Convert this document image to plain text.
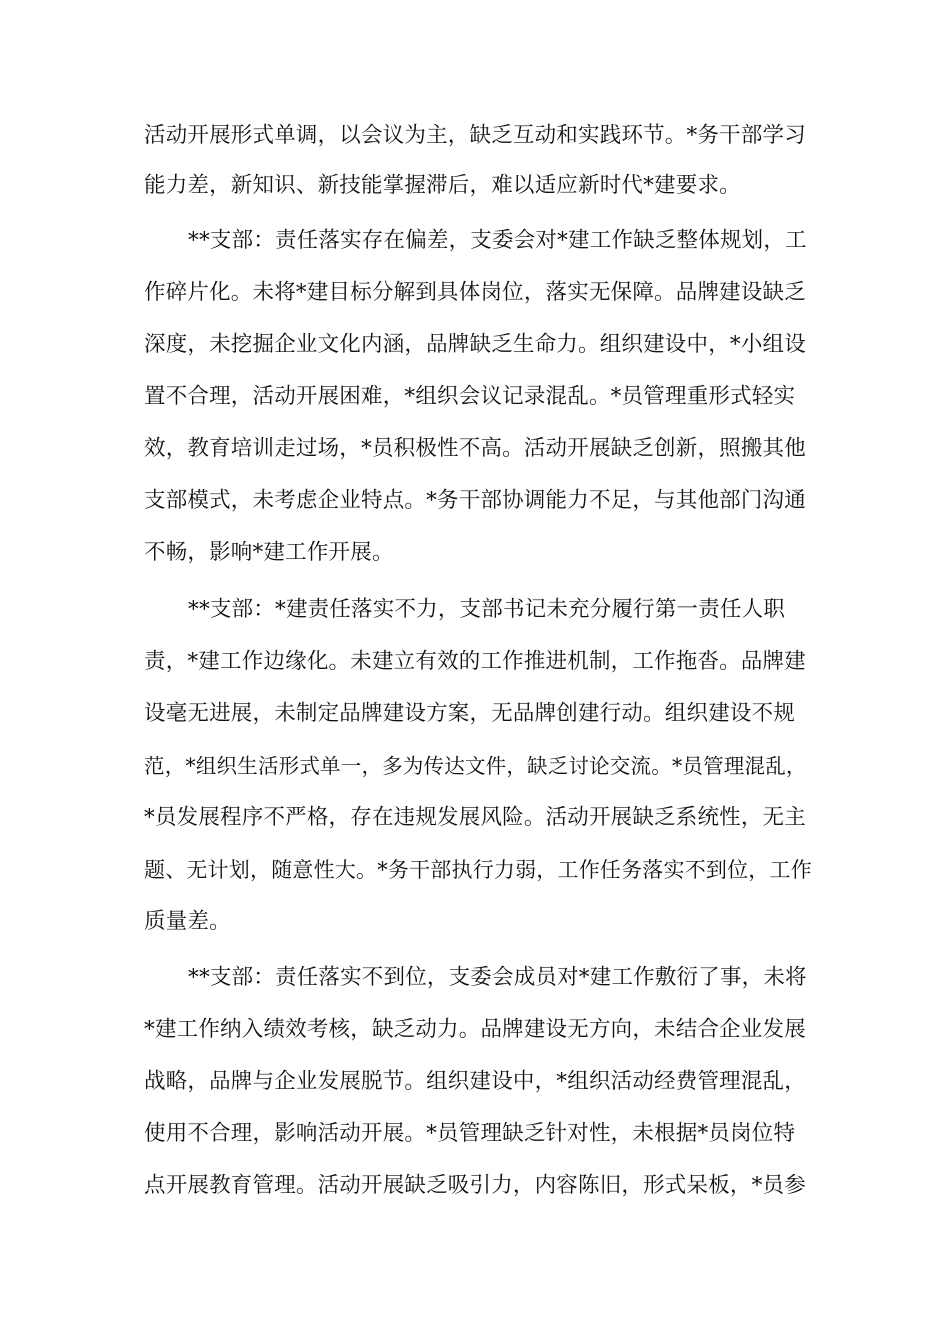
活动开展形式单调，以会议为主，缺乏互动和实践环节。*务干部学习
能力差，新知识、新技能掌握滞后，难以适应新时代*建要求。
**支部：责任落实存在偏差，支委会对*建工作缺乏整体规划，工
作碎片化。未将*建目标分解到具体岗位，落实无保障。品牌建设缺乏
深度，未挖掘企业文化内涵，品牌缺乏生命力。组织建设中，*小组设
置不合理，活动开展困难，*组织会议记录混乱。*员管理重形式轻实
效，教育培训走过场，*员积极性不高。活动开展缺乏创新，照搬其他
支部模式，未考虑企业特点。*务干部协调能力不足，与其他部门沟通
不畅，影响*建工作开展。
**支部：*建责任落实不力，支部书记未充分履行第一责任人职
责，*建工作边缘化。未建立有效的工作推进机制，工作拖沓。品牌建
设毫无进展，未制定品牌建设方案，无品牌创建行动。组织建设不规
范，*组织生活形式单一，多为传达文件，缺乏讨论交流。*员管理混乱，
*员发展程序不严格，存在违规发展风险。活动开展缺乏系统性，无主
题、无计划，随意性大。*务干部执行力弱，工作任务落实不到位，工作
质量差。
**支部：责任落实不到位，支委会成员对*建工作敷衍了事，未将
*建工作纳入绩效考核，缺乏动力。品牌建设无方向，未结合企业发展
战略，品牌与企业发展脱节。组织建设中，*组织活动经费管理混乱，
使用不合理，影响活动开展。*员管理缺乏针对性，未根据*员岗位特
点开展教育管理。活动开展缺乏吸引力，内容陈旧，形式呆板，*员参
